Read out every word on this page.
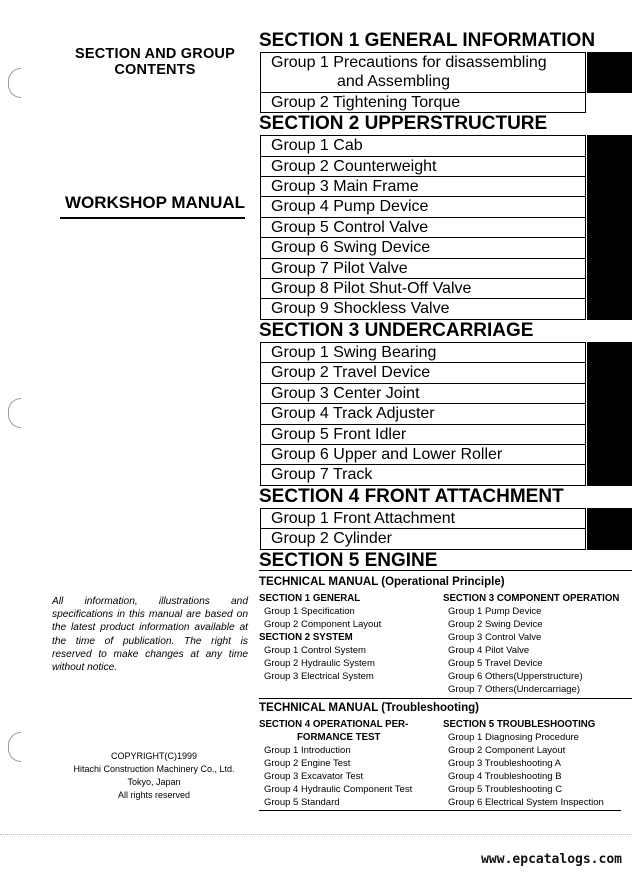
SECTION AND GROUP
CONTENTS
WORKSHOP MANUAL
All information, illustrations and specifications in this manual are based on the latest product information available at the time of publication. The right is reserved to make changes at any time without notice.
COPYRIGHT(C)1999
Hitachi Construction Machinery Co., Ltd.
Tokyo, Japan
All rights reserved
SECTION 1 GENERAL INFORMATION
Group 1 Precautions for disassembling
and Assembling
Group 2 Tightening Torque
SECTION 2 UPPERSTRUCTURE
Group 1 Cab
Group 2 Counterweight
Group 3 Main Frame
Group 4 Pump Device
Group 5 Control Valve
Group 6 Swing Device
Group 7 Pilot Valve
Group 8 Pilot Shut-Off Valve
Group 9 Shockless Valve
SECTION 3 UNDERCARRIAGE
Group 1 Swing Bearing
Group 2 Travel Device
Group 3 Center Joint
Group 4 Track Adjuster
Group 5 Front Idler
Group 6 Upper and Lower Roller
Group 7 Track
SECTION 4 FRONT ATTACHMENT
Group 1 Front Attachment
Group 2 Cylinder
SECTION 5 ENGINE
TECHNICAL MANUAL (Operational Principle)
SECTION 1 GENERAL
Group 1 Specification
Group 2 Component Layout
SECTION 2 SYSTEM
Group 1 Control System
Group 2 Hydraulic System
Group 3 Electrical System
SECTION 3 COMPONENT OPERATION
Group 1 Pump Device
Group 2 Swing Device
Group 3 Control Valve
Group 4 Pilot Valve
Group 5 Travel Device
Group 6 Others(Upperstructure)
Group 7 Others(Undercarriage)
TECHNICAL MANUAL (Troubleshooting)
SECTION 4 OPERATIONAL PER-
FORMANCE TEST
Group 1 Introduction
Group 2 Engine Test
Group 3 Excavator Test
Group 4 Hydraulic Component Test
Group 5 Standard
SECTION 5 TROUBLESHOOTING
Group 1 Diagnosing Procedure
Group 2 Component Layout
Group 3 Troubleshooting A
Group 4 Troubleshooting B
Group 5 Troubleshooting C
Group 6 Electrical System Inspection
www.epcatalogs.com
